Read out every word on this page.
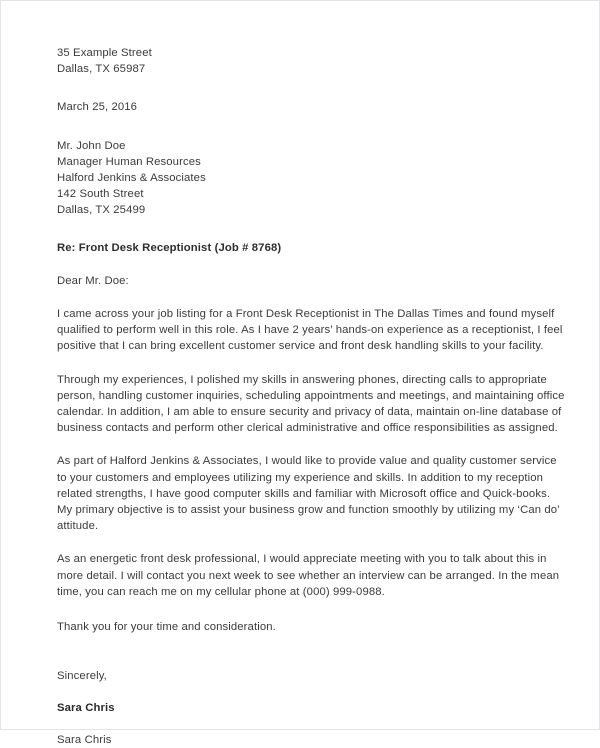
35 Example Street
Dallas, TX 65987
March 25, 2016
Mr. John Doe
Manager Human Resources
Halford Jenkins & Associates
142 South Street
Dallas, TX 25499
Re: Front Desk Receptionist (Job # 8768)
Dear Mr. Doe:

I came across your job listing for a Front Desk Receptionist in The Dallas Times and found myself qualified to perform well in this role. As I have 2 years’ hands-on experience as a receptionist, I feel positive that I can bring excellent customer service and front desk handling skills to your facility.

Through my experiences, I polished my skills in answering phones, directing calls to appropriate person, handling customer inquiries, scheduling appointments and meetings, and maintaining office calendar. In addition, I am able to ensure security and privacy of data, maintain on-line database of business contacts and perform other clerical administrative and office responsibilities as assigned.

As part of Halford Jenkins & Associates, I would like to provide value and quality customer service to your customers and employees utilizing my experience and skills. In addition to my reception related strengths, I have good computer skills and familiar with Microsoft office and Quick-books. My primary objective is to assist your business grow and function smoothly by utilizing my ‘Can do’ attitude.

As an energetic front desk professional, I would appreciate meeting with you to talk about this in more detail. I will contact you next week to see whether an interview can be arranged. In the mean time, you can reach me on my cellular phone at (000) 999-0988.

Thank you for your time and consideration.
Sincerely,
Sara Chris
Sara Chris
